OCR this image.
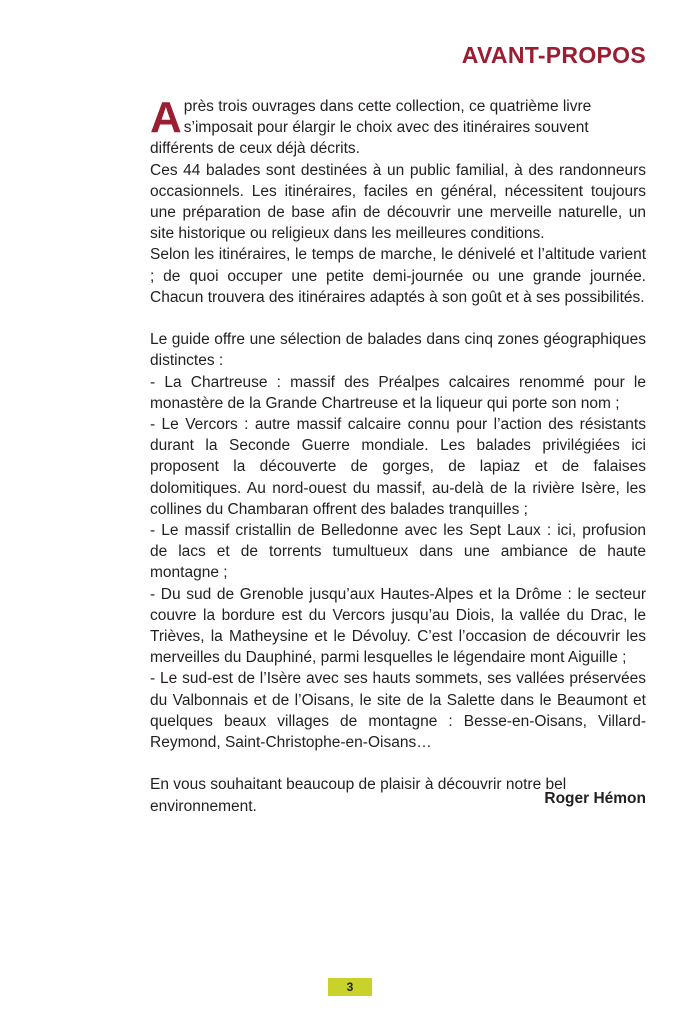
AVANT-PROPOS

Après trois ouvrages dans cette collection, ce quatrième livre s’imposait pour élargir le choix avec des itinéraires souvent différents de ceux déjà décrits.

Ces 44 balades sont destinées à un public familial, à des randonneurs occasionnels. Les itinéraires, faciles en général, nécessitent toujours une préparation de base afin de découvrir une merveille naturelle, un site historique ou religieux dans les meilleures conditions.

Selon les itinéraires, le temps de marche, le dénivelé et l’altitude varient ; de quoi occuper une petite demi-journée ou une grande journée. Chacun trouvera des itinéraires adaptés à son goût et à ses possibilités.

Le guide offre une sélection de balades dans cinq zones géographiques distinctes :

- La Chartreuse : massif des Préalpes calcaires renommé pour le monastère de la Grande Chartreuse et la liqueur qui porte son nom ;

- Le Vercors : autre massif calcaire connu pour l’action des résistants durant la Seconde Guerre mondiale. Les balades privilégiées ici proposent la découverte de gorges, de lapiaz et de falaises dolomitiques. Au nord-ouest du massif, au-delà de la rivière Isère, les collines du Chambaran offrent des balades tranquilles ;

- Le massif cristallin de Belledonne avec les Sept Laux : ici, profusion de lacs et de torrents tumultueux dans une ambiance de haute montagne ;

- Du sud de Grenoble jusqu’aux Hautes-Alpes et la Drôme : le secteur couvre la bordure est du Vercors jusqu’au Diois, la vallée du Drac, le Trièves, la Matheysine et le Dévoluy. C’est l’occasion de découvrir les merveilles du Dauphiné, parmi lesquelles le légendaire mont Aiguille ;

- Le sud-est de l’Isère avec ses hauts sommets, ses vallées préservées du Valbonnais et de l’Oisans, le site de la Salette dans le Beaumont et quelques beaux villages de montagne : Besse-en-Oisans, Villard-Reymond, Saint-Christophe-en-Oisans…

En vous souhaitant beaucoup de plaisir à découvrir notre bel environnement.	Roger Hémon

3
